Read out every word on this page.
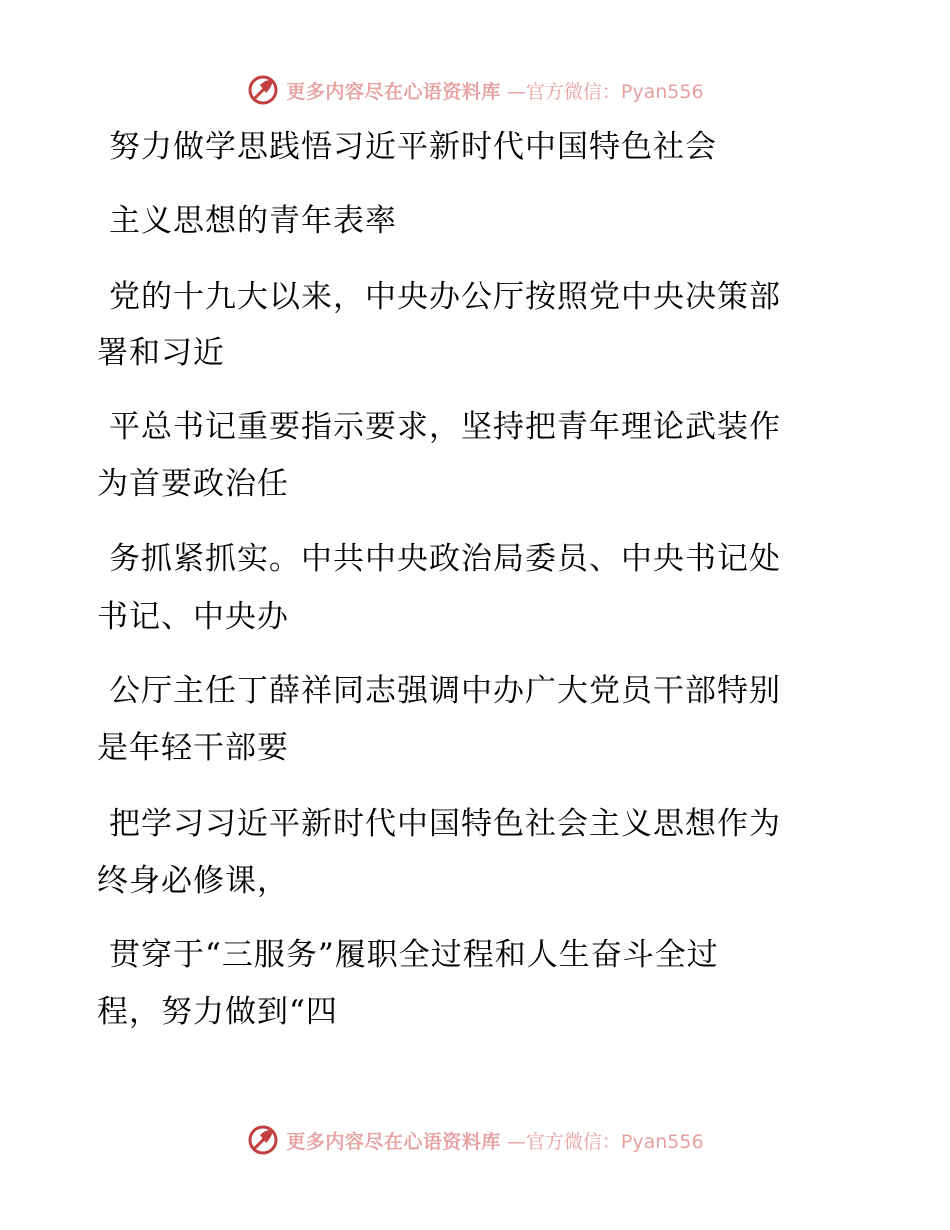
更多内容尽在心语资料库 —官方微信：Pyan556
努力做学思践悟习近平新时代中国特色社会
主义思想的青年表率
党的十九大以来，中央办公厅按照党中央决策部
署和习近
平总书记重要指示要求，坚持把青年理论武装作
为首要政治任
务抓紧抓实。中共中央政治局委员、中央书记处
书记、中央办
公厅主任丁薛祥同志强调中办广大党员干部特别
是年轻干部要
把学习习近平新时代中国特色社会主义思想作为
终身必修课，
贯穿于“三服务”履职全过程和人生奋斗全过
程，努力做到“四
更多内容尽在心语资料库 —官方微信：Pyan556
